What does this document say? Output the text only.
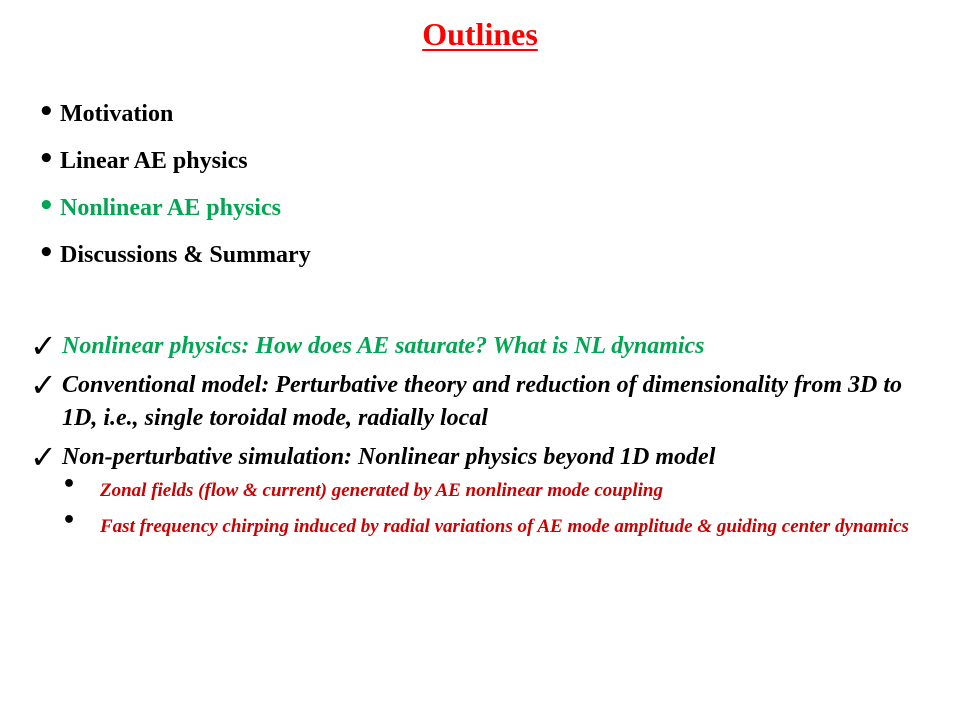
Outlines
• Motivation
• Linear AE physics
• Nonlinear AE physics
• Discussions & Summary
✓ Nonlinear physics: How does AE saturate? What is NL dynamics
✓ Conventional model: Perturbative theory and reduction of dimensionality from 3D to 1D, i.e., single toroidal mode, radially local
✓ Non-perturbative simulation: Nonlinear physics beyond 1D model
• Zonal fields (flow & current) generated by AE nonlinear mode coupling
• Fast frequency chirping induced by radial variations of AE mode amplitude & guiding center dynamics
